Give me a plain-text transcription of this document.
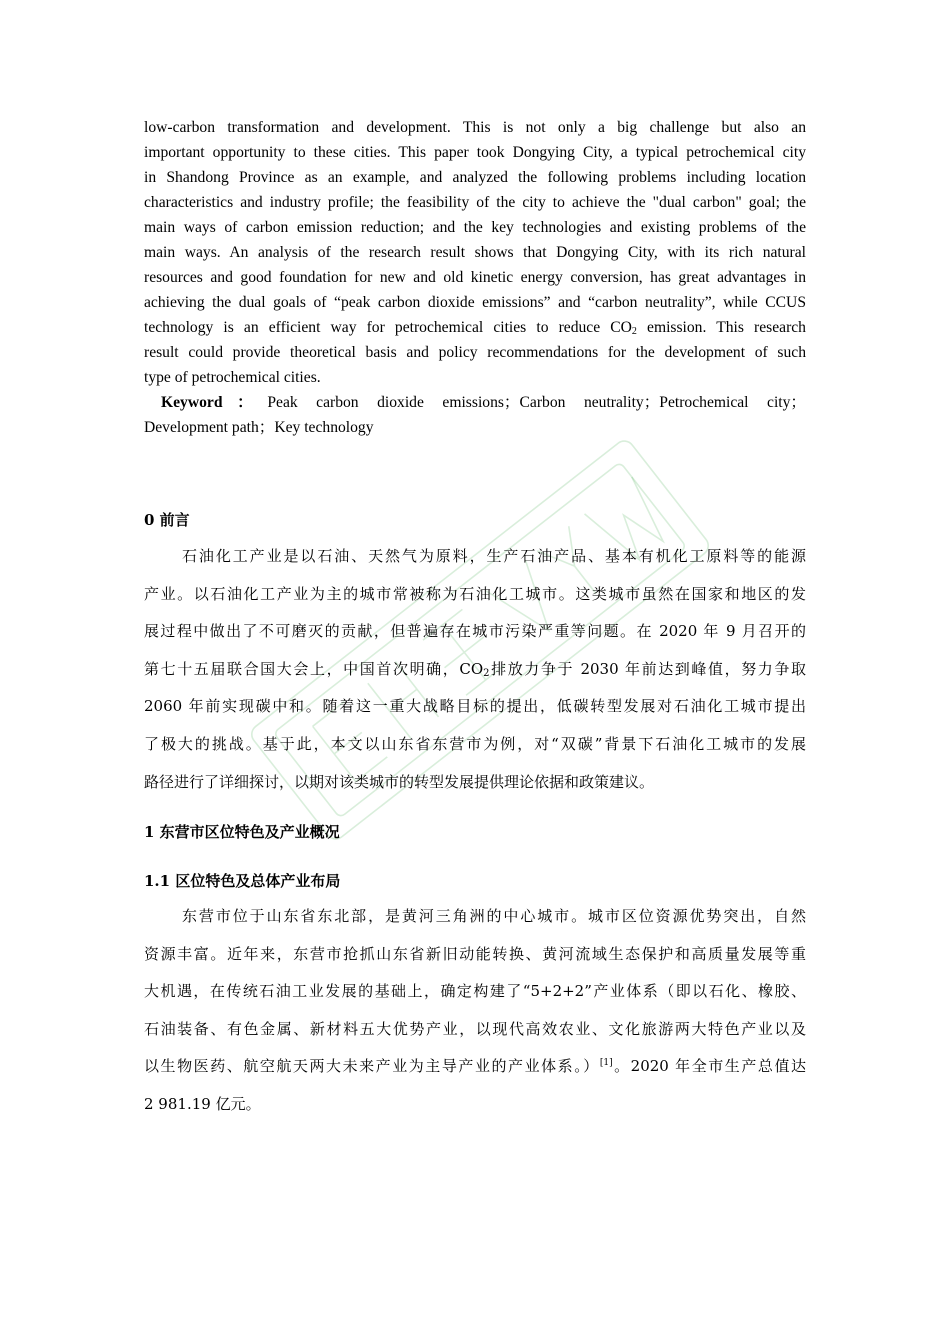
low-carbon transformation and development. This is not only a big challenge but also an

important opportunity to these cities. This paper took Dongying City, a typical petrochemical city

in Shandong Province as an example, and analyzed the following problems including location

characteristics and industry profile; the feasibility of the city to achieve the "dual carbon" goal; the

main ways of carbon emission reduction; and the key technologies and existing problems of the

main ways. An analysis of the research result shows that Dongying City, with its rich natural

resources and good foundation for new and old kinetic energy conversion, has great advantages in

achieving the dual goals of “peak carbon dioxide emissions” and “carbon neutrality”, while CCUS

technology is an efficient way for petrochemical cities to reduce $CO_2$ emission. This research

result could provide theoretical basis and policy recommendations for the development of such

type of petrochemical cities.

Keyword：Peak carbon dioxide emissions；Carbon neutrality；Petrochemical city；

Development path；Key technology

0 前言
石油化工产业是以石油、天然气为原料，生产石油产品、基本有机化工原料等的能源
产业。以石油化工产业为主的城市常被称为石油化工城市。这类城市虽然在国家和地区的发
展过程中做出了不可磨灭的贡献，但普遍存在城市污染严重等问题。在 2020 年 9 月召开的
第七十五届联合国大会上，中国首次明确，$CO_2$排放力争于 2030 年前达到峰值，努力争取
2060 年前实现碳中和。随着这一重大战略目标的提出，低碳转型发展对石油化工城市提出
了极大的挑战。基于此，本文以山东省东营市为例，对“双碳”背景下石油化工城市的发展
路径进行了详细探讨，以期对该类城市的转型发展提供理论依据和政策建议。
1 东营市区位特色及产业概况
1.1 区位特色及总体产业布局
东营市位于山东省东北部，是黄河三角洲的中心城市。城市区位资源优势突出，自然
资源丰富。近年来，东营市抢抓山东省新旧动能转换、黄河流域生态保护和高质量发展等重
大机遇，在传统石油工业发展的基础上，确定构建了“5+2+2”产业体系（即以石化、橡胶、
石油装备、有色金属、新材料五大优势产业，以现代高效农业、文化旅游两大特色产业以及
以生物医药、航空航天两大未来产业为主导产业的产业体系。）[1]。2020 年全市生产总值达
2 981.19 亿元。
